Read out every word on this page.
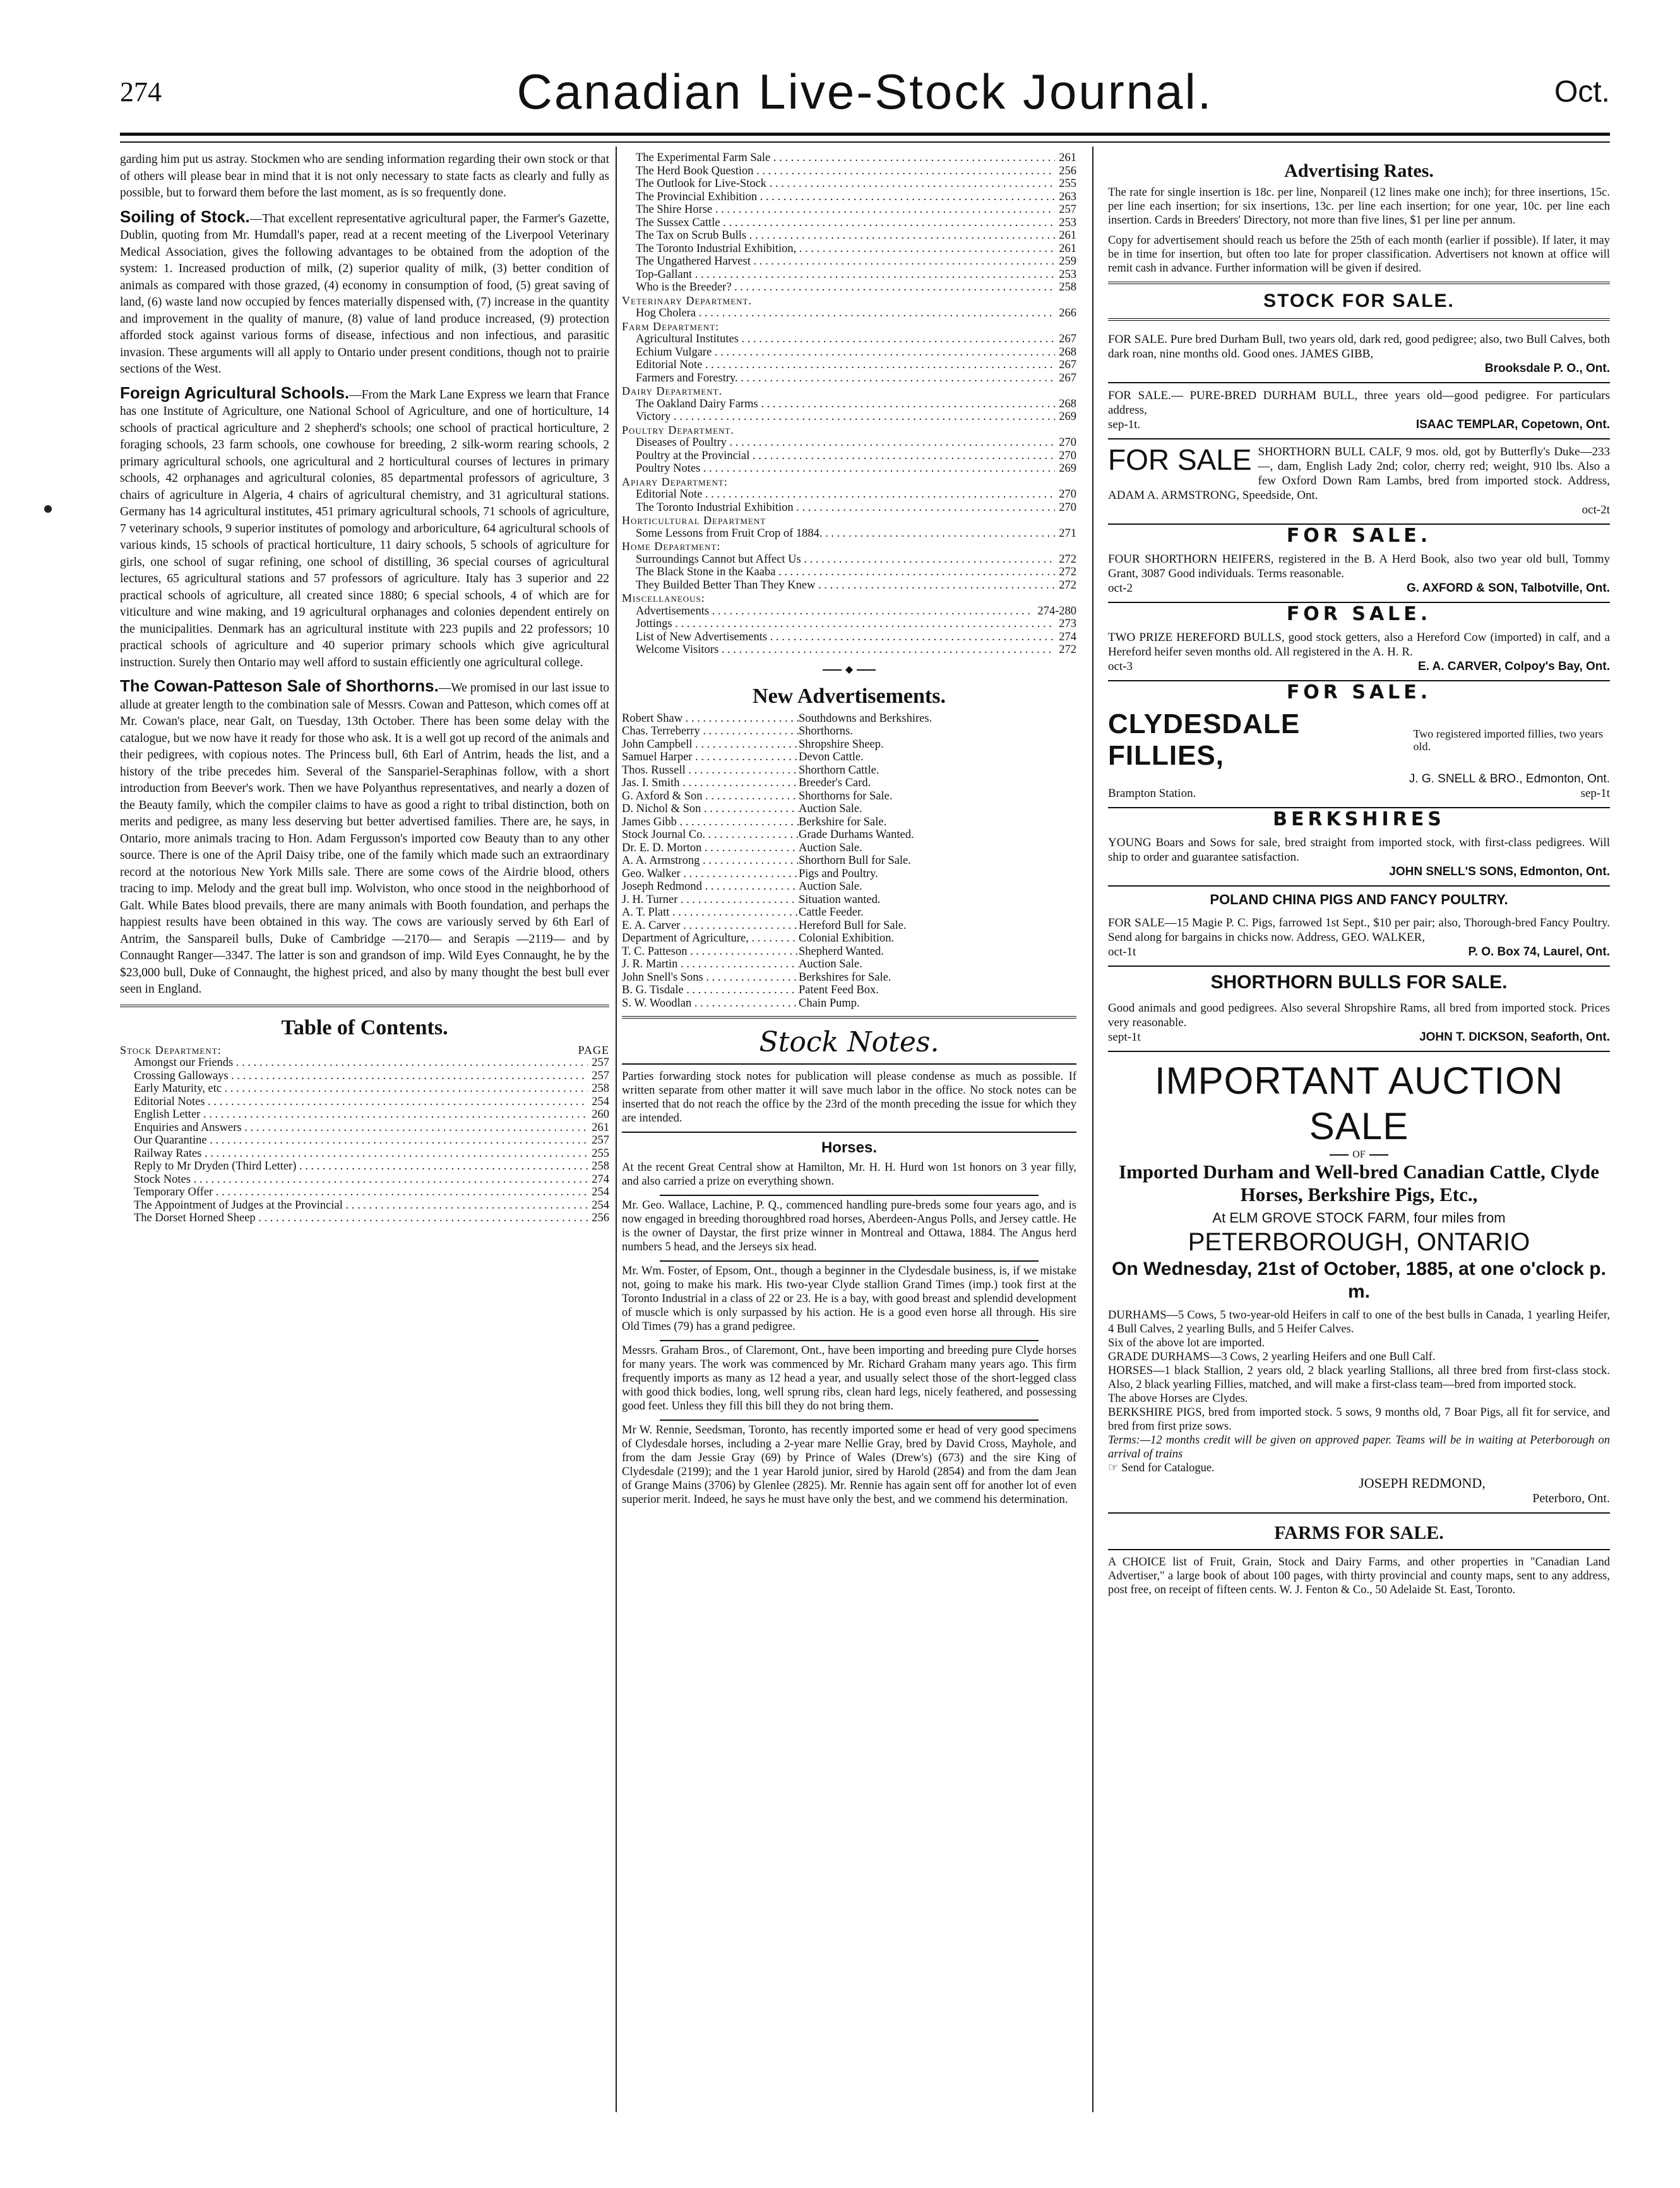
274	Canadian Live-Stock Journal.	Oct.

garding him put us astray. Stockmen who are sending information regarding their own stock or that of others will please bear in mind that it is not only necessary to state facts as clearly and fully as possible, but to forward them before the last moment, as is so frequently done.

Soiling of Stock.—That excellent representative agricultural paper, the Farmer's Gazette, Dublin, quoting from Mr. Humdall's paper, read at a recent meeting of the Liverpool Veterinary Medical Association, gives the following advantages to be obtained from the adoption of the system: 1. Increased production of milk, (2) superior quality of milk, (3) better condition of animals as compared with those grazed, (4) economy in consumption of food, (5) great saving of land, (6) waste land now occupied by fences materially dispensed with, (7) increase in the quantity and improvement in the quality of manure, (8) value of land produce increased, (9) protection afforded stock against various forms of disease, infectious and non infectious, and parasitic invasion. These arguments will all apply to Ontario under present conditions, though not to prairie sections of the West.

Foreign Agricultural Schools.—From the Mark Lane Express we learn that France has one Institute of Agriculture, one National School of Agriculture, and one of horticulture, 14 schools of practical agriculture and 2 shepherd's schools; one school of practical horticulture, 2 foraging schools, 23 farm schools, one cowhouse for breeding, 2 silk-worm rearing schools, 2 primary agricultural schools, one agricultural and 2 horticultural courses of lectures in primary schools, 42 orphanages and agricultural colonies, 85 departmental professors of agriculture, 3 chairs of agriculture in Algeria, 4 chairs of agricultural chemistry, and 31 agricultural stations. Germany has 14 agricultural institutes, 451 primary agricultural schools, 71 schools of agriculture, 7 veterinary schools, 9 superior institutes of pomology and arboriculture, 64 agricultural schools of various kinds, 15 schools of practical horticulture, 11 dairy schools, 5 schools of agriculture for girls, one school of sugar refining, one school of distilling, 36 special courses of agricultural lectures, 65 agricultural stations and 57 professors of agriculture. Italy has 3 superior and 22 practical schools of agriculture, all created since 1880; 6 special schools, 4 of which are for viticulture and wine making, and 19 agricultural orphanages and colonies dependent entirely on the municipalities. Denmark has an agricultural institute with 223 pupils and 22 professors; 10 practical schools of agriculture and 40 superior primary schools which give agricultural instruction. Surely then Ontario may well afford to sustain efficiently one agricultural college.

The Cowan-Patteson Sale of Shorthorns.—We promised in our last issue to allude at greater length to the combination sale of Messrs. Cowan and Patteson, which comes off at Mr. Cowan's place, near Galt, on Tuesday, 13th October. There has been some delay with the catalogue, but we now have it ready for those who ask. It is a well got up record of the animals and their pedigrees, with copious notes. The Princess bull, 6th Earl of Antrim, heads the list, and a history of the tribe precedes him. Several of the Sanspariel-Seraphinas follow, with a short introduction from Beever's work. Then we have Polyanthus representatives, and nearly a dozen of the Beauty family, which the compiler claims to have as good a right to tribal distinction, both on merits and pedigree, as many less deserving but better advertised families. There are, he says, in Ontario, more animals tracing to Hon. Adam Fergusson's imported cow Beauty than to any other source. There is one of the April Daisy tribe, one of the family which made such an extraordinary record at the notorious New York Mills sale. There are some cows of the Airdrie blood, others tracing to imp. Melody and the great bull imp. Wolviston, who once stood in the neighborhood of Galt. While Bates blood prevails, there are many animals with Booth foundation, and perhaps the happiest results have been obtained in this way. The cows are variously served by 6th Earl of Antrim, the Sanspareil bulls, Duke of Cambridge —2170— and Serapis —2119— and by Connaught Ranger—3347. The latter is son and grandson of imp. Wild Eyes Connaught, he by the $23,000 bull, Duke of Connaught, the highest priced, and also by many thought the best bull ever seen in England.

Table of Contents.
Stock Department:	PAGE
Amongst our Friends . . .	257
Crossing Galloways . . .	257
Early Maturity, etc . . .	258
Editorial Notes . . .	254
English Letter . . .	260
Enquiries and Answers . . .	261
Our Quarantine . . .	257
Railway Rates . . .	255
Reply to Mr Dryden (Third Letter) . . .	258
Stock Notes . . .	274
Temporary Offer . . .	254
The Appointment of Judges at the Provincial . . .	254
The Dorset Horned Sheep . . .	256
The Experimental Farm Sale . . .	261
The Herd Book Question . . .	256
The Outlook for Live-Stock . . .	255
The Provincial Exhibition . . .	263
The Shire Horse . . .	257
The Sussex Cattle . . .	253
The Tax on Scrub Bulls . . .	261
The Toronto Industrial Exhibition, . . .	261
The Ungathered Harvest . . .	259
Top-Gallant . . .	253
Who is the Breeder? . . .	258
Veterinary Department.
Hog Cholera . . .	266
Farm Department:
Agricultural Institutes . . .	267
Echium Vulgare . . .	268
Editorial Note . . .	267
Farmers and Forestry. . . .	267
Dairy Department.
The Oakland Dairy Farms . . .	268
Victory . . .	269
Poultry Department.
Diseases of Poultry . . .	270
Poultry at the Provincial . . .	270
Poultry Notes . . .	269
Apiary Department:
Editorial Note . . .	270
The Toronto Industrial Exhibition . . .	270
Horticultural Department
Some Lessons from Fruit Crop of 1884. . . .	271
Home Department:
Surroundings Cannot but Affect Us . . .	272
The Black Stone in the Kaaba . . .	272
They Builded Better Than They Knew . . .	272
Miscellaneous:
Advertisements . . .	274-280
Jottings . . .	273
List of New Advertisements . . .	274
Welcome Visitors . . .	272
◆
New Advertisements.
Robert Shaw . . .	Southdowns and Berkshires.
Chas. Terreberry . . .	Shorthorns.
John Campbell . . .	Shropshire Sheep.
Samuel Harper . . .	Devon Cattle.
Thos. Russell . . .	Shorthorn Cattle.
Jas. I. Smith . . .	Breeder's Card.
G. Axford & Son . . .	Shorthorns for Sale.
D. Nichol & Son . . .	Auction Sale.
James Gibb . . .	Berkshire for Sale.
Stock Journal Co. . . .	Grade Durhams Wanted.
Dr. E. D. Morton . . .	Auction Sale.
A. A. Armstrong . . .	Shorthorn Bull for Sale.
Geo. Walker . . .	Pigs and Poultry.
Joseph Redmond . . .	Auction Sale.
J. H. Turner . . .	Situation wanted.
A. T. Platt . . .	Cattle Feeder.
E. A. Carver . . .	Hereford Bull for Sale.
Department of Agriculture, . . .	Colonial Exhibition.
T. C. Patteson . . .	Shepherd Wanted.
J. R. Martin . . .	Auction Sale.
John Snell's Sons . . .	Berkshires for Sale.
B. G. Tisdale . . .	Patent Feed Box.
S. W. Woodlan . . .	Chain Pump.
Stock Notes.

Parties forwarding stock notes for publication will please condense as much as possible. If written separate from other matter it will save much labor in the office. No stock notes can be inserted that do not reach the office by the 23rd of the month preceding the issue for which they are intended.

Horses.

At the recent Great Central show at Hamilton, Mr. H. H. Hurd won 1st honors on 3 year filly, and also carried a prize on everything shown.

Mr. Geo. Wallace, Lachine, P. Q., commenced handling pure-breds some four years ago, and is now engaged in breeding thoroughbred road horses, Aberdeen-Angus Polls, and Jersey cattle. He is the owner of Daystar, the first prize winner in Montreal and Ottawa, 1884. The Angus herd numbers 5 head, and the Jerseys six head.

Mr. Wm. Foster, of Epsom, Ont., though a beginner in the Clydesdale business, is, if we mistake not, going to make his mark. His two-year Clyde stallion Grand Times (imp.) took first at the Toronto Industrial in a class of 22 or 23. He is a bay, with good breast and splendid development of muscle which is only surpassed by his action. He is a good even horse all through. His sire Old Times (79) has a grand pedigree.

Messrs. Graham Bros., of Claremont, Ont., have been importing and breeding pure Clyde horses for many years. The work was commenced by Mr. Richard Graham many years ago. This firm frequently imports as many as 12 head a year, and usually select those of the short-legged class with good thick bodies, long, well sprung ribs, clean hard legs, nicely feathered, and possessing good feet. Unless they fill this bill they do not bring them.

Mr W. Rennie, Seedsman, Toronto, has recently imported some er head of very good specimens of Clydesdale horses, including a 2-year mare Nellie Gray, bred by David Cross, Mayhole, and from the dam Jessie Gray (69) by Prince of Wales (Drew's) (673) and the sire King of Clydesdale (2199); and the 1 year Harold junior, sired by Harold (2854) and from the dam Jean of Grange Mains (3706) by Glenlee (2825). Mr. Rennie has again sent off for another lot of even superior merit. Indeed, he says he must have only the best, and we commend his determination.

Advertising Rates.

The rate for single insertion is 18c. per line, Nonpareil (12 lines make one inch); for three insertions, 15c. per line each insertion; for six insertions, 13c. per line each insertion; for one year, 10c. per line each insertion. Cards in Breeders' Directory, not more than five lines, $1 per line per annum.

Copy for advertisement should reach us before the 25th of each month (earlier if possible). If later, it may be in time for insertion, but often too late for proper classification. Advertisers not known at office will remit cash in advance. Further information will be given if desired.

STOCK FOR SALE.

FOR SALE. Pure bred Durham Bull, two years old, dark red, good pedigree; also, two Bull Calves, both dark roan, nine months old. Good ones. JAMES GIBB,

Brooksdale P. O., Ont.

FOR SALE.— PURE-BRED DURHAM BULL, three years old—good pedigree. For particulars address,

sep-1t.	ISAAC TEMPLAR, Copetown, Ont.

FOR SALE SHORTHORN BULL CALF, 9 mos. old, got by Butterfly's Duke—233—, dam, English Lady 2nd; color, cherry red; weight, 910 lbs. Also a few Oxford Down Ram Lambs, bred from imported stock. Address, ADAM A. ARMSTRONG, Speedside, Ont.

oct-2t
FOR SALE.

FOUR SHORTHORN HEIFERS, registered in the B. A Herd Book, also two year old bull, Tommy Grant, 3087 Good individuals. Terms reasonable.

oct-2	G. AXFORD & SON, Talbotville, Ont.
FOR SALE.

TWO PRIZE HEREFORD BULLS, good stock getters, also a Hereford Cow (imported) in calf, and a Hereford heifer seven months old. All registered in the A. H. R.

oct-3	E. A. CARVER, Colpoy's Bay, Ont.
FOR SALE.
CLYDESDALE FILLIES,
Two registered imported fillies, two years old.
J. G. SNELL & BRO., Edmonton, Ont.
Brampton Station.	sep-1t
BERKSHIRES

YOUNG Boars and Sows for sale, bred straight from imported stock, with first-class pedigrees. Will ship to order and guarantee satisfaction.

JOHN SNELL'S SONS, Edmonton, Ont.
POLAND CHINA PIGS AND FANCY POULTRY.

FOR SALE—15 Magie P. C. Pigs, farrowed 1st Sept., $10 per pair; also, Thorough-bred Fancy Poultry. Send along for bargains in chicks now. Address, GEO. WALKER,

oct-1t	P. O. Box 74, Laurel, Ont.
SHORTHORN BULLS FOR SALE.

Good animals and good pedigrees. Also several Shropshire Rams, all bred from imported stock. Prices very reasonable.

sept-1t	JOHN T. DICKSON, Seaforth, Ont.
IMPORTANT AUCTION SALE
OF
Imported Durham and Well-bred Canadian Cattle, Clyde Horses, Berkshire Pigs, Etc.,
At ELM GROVE STOCK FARM, four miles from
PETERBOROUGH, ONTARIO
On Wednesday, 21st of October, 1885, at one o'clock p. m.

DURHAMS—5 Cows, 5 two-year-old Heifers in calf to one of the best bulls in Canada, 1 yearling Heifer, 4 Bull Calves, 2 yearling Bulls, and 5 Heifer Calves.

Six of the above lot are imported.

GRADE DURHAMS—3 Cows, 2 yearling Heifers and one Bull Calf.

HORSES—1 black Stallion, 2 years old, 2 black yearling Stallions, all three bred from first-class stock. Also, 2 black yearling Fillies, matched, and will make a first-class team—bred from imported stock.

The above Horses are Clydes.

BERKSHIRE PIGS, bred from imported stock. 5 sows, 9 months old, 7 Boar Pigs, all fit for service, and bred from first prize sows.

Terms:—12 months credit will be given on approved paper. Teams will be in waiting at Peterborough on arrival of trains

☞ Send for Catalogue.

JOSEPH REDMOND,
Peterboro, Ont.
FARMS FOR SALE.

A CHOICE list of Fruit, Grain, Stock and Dairy Farms, and other properties in "Canadian Land Advertiser," a large book of about 100 pages, with thirty provincial and county maps, sent to any address, post free, on receipt of fifteen cents. W. J. Fenton & Co., 50 Adelaide St. East, Toronto.
